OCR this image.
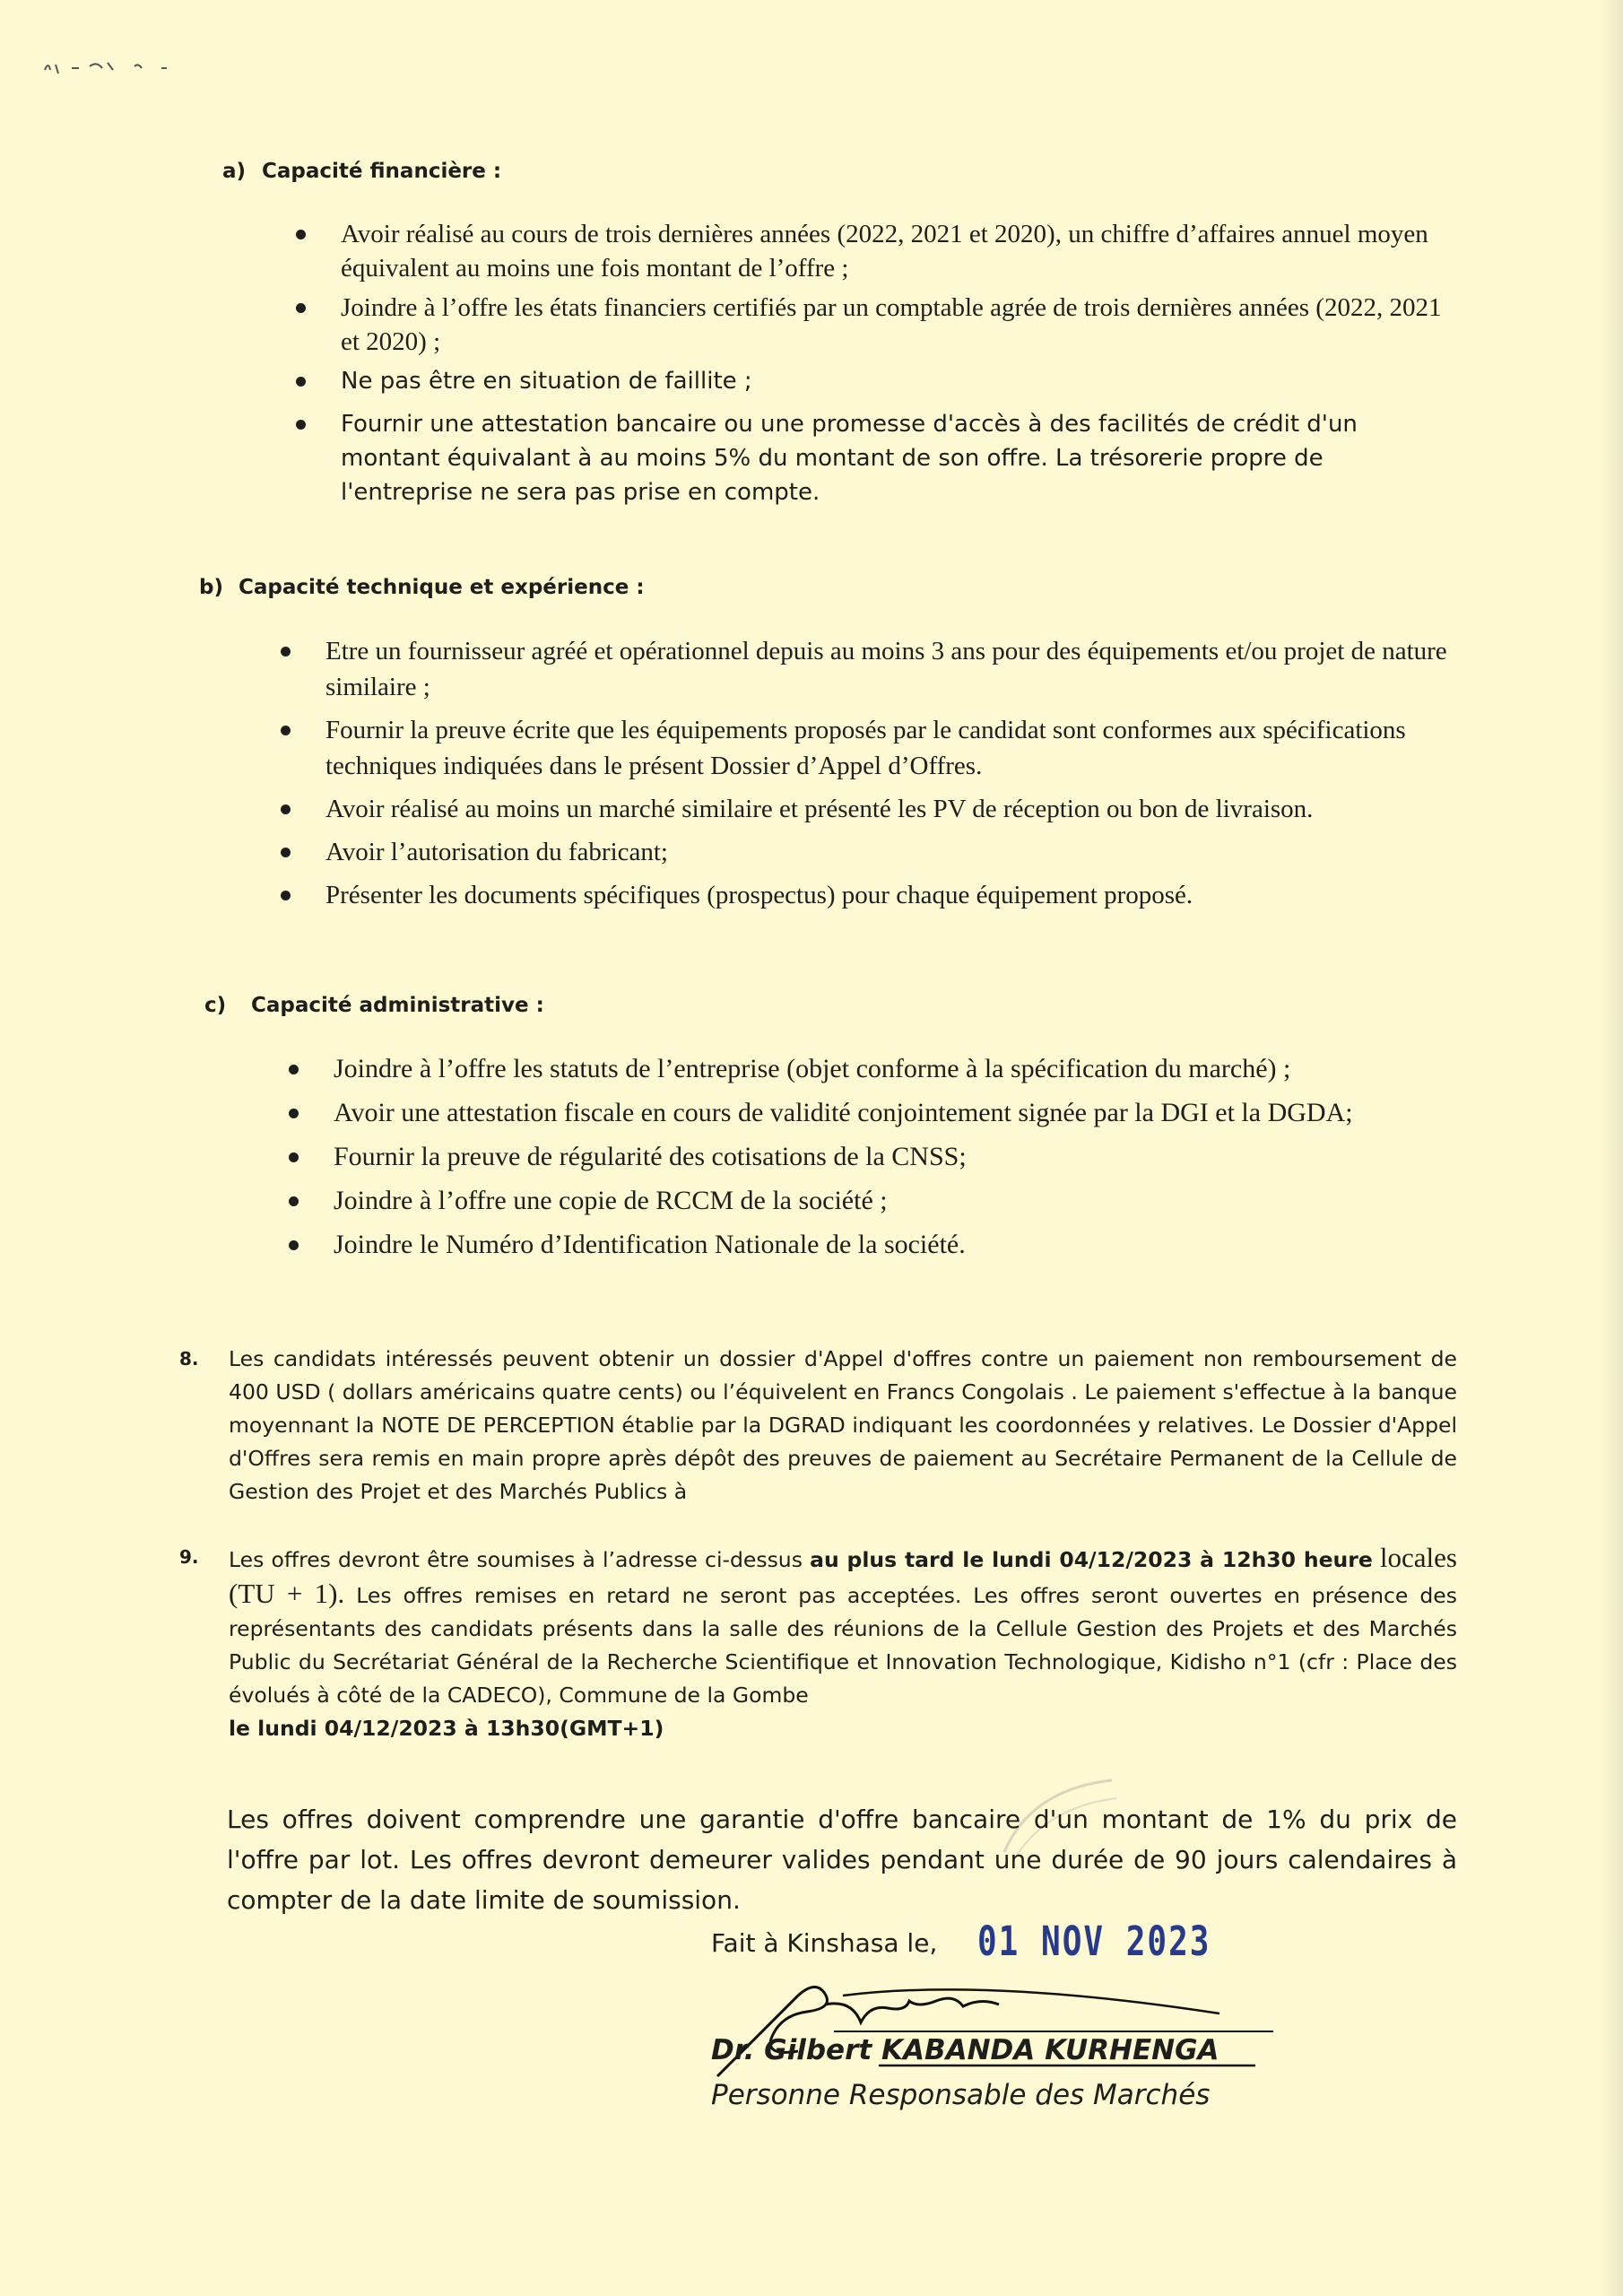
a) Capacité financière :
Avoir réalisé au cours de trois dernières années (2022, 2021 et 2020), un chiffre d’affaires annuel moyen équivalent au moins une fois montant de l’offre ;
Joindre à l’offre les états financiers certifiés par un comptable agrée de trois dernières années (2022, 2021 et 2020) ;
Ne pas être en situation de faillite ;
Fournir une attestation bancaire ou une promesse d'accès à des facilités de crédit d'un montant équivalant à au moins 5% du montant de son offre. La trésorerie propre de l'entreprise ne sera pas prise en compte.
b) Capacité technique et expérience :
Etre un fournisseur agréé et opérationnel depuis au moins 3 ans pour des équipements et/ou projet de nature similaire ;
Fournir la preuve écrite que les équipements proposés par le candidat sont conformes aux spécifications techniques indiquées dans le présent Dossier d’Appel d’Offres.
Avoir réalisé au moins un marché similaire et présenté les PV de réception ou bon de livraison.
Avoir l’autorisation du fabricant;
Présenter les documents spécifiques (prospectus) pour chaque équipement proposé.
c) Capacité administrative :
Joindre à l’offre les statuts de l’entreprise (objet conforme à la spécification du marché) ;
Avoir une attestation fiscale en cours de validité conjointement signée par la DGI et la DGDA;
Fournir la preuve de régularité des cotisations de la CNSS;
Joindre à l’offre une copie de RCCM de la société ;
Joindre le Numéro d’Identification Nationale de la société.
8. Les candidats intéressés peuvent obtenir un dossier d'Appel d'offres contre un paiement non remboursement de 400 USD ( dollars américains quatre cents) ou l’équivelent en Francs Congolais . Le paiement s'effectue à la banque moyennant la NOTE DE PERCEPTION établie par la DGRAD indiquant les coordonnées y relatives. Le Dossier d'Appel d'Offres sera remis en main propre après dépôt des preuves de paiement au Secrétaire Permanent de la Cellule de Gestion des Projet et des Marchés Publics à
9. Les offres devront être soumises à l’adresse ci-dessus au plus tard le lundi 04/12/2023 à 12h30 heure locales (TU + 1). Les offres remises en retard ne seront pas acceptées. Les offres seront ouvertes en présence des représentants des candidats présents dans la salle des réunions de la Cellule Gestion des Projets et des Marchés Public du Secrétariat Général de la Recherche Scientifique et Innovation Technologique, Kidisho n°1 (cfr : Place des évolués à côté de la CADECO), Commune de la Gombe
le lundi 04/12/2023 à 13h30(GMT+1)

Les offres doivent comprendre une garantie d'offre bancaire d'un montant de 1% du prix de l'offre par lot. Les offres devront demeurer valides pendant une durée de 90 jours calendaires à compter de la date limite de soumission.

Fait à Kinshasa le, 01 NOV 2023
Dr. Gilbert KABANDA KURHENGA
Personne Responsable des Marchés
